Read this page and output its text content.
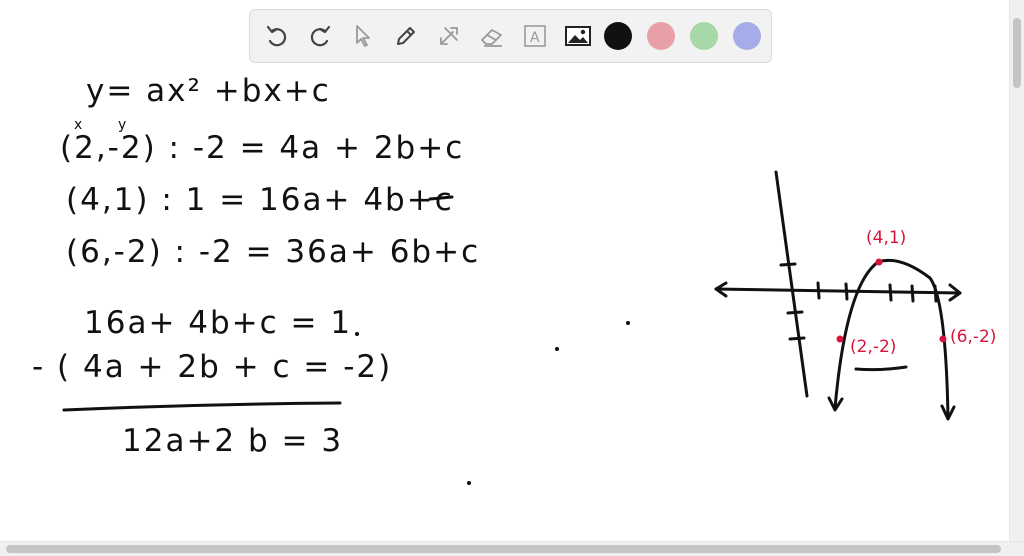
y= ax² +bx+c
x y
(2,-2) : -2 = 4a + 2b+c
(4,1) : 1 = 16a+ 4b+c
(6,-2) : -2 = 36a+ 6b+c
16a+ 4b+c = 1
- ( 4a + 2b + c = -2)
12a+2 b = 3
(4,1)
(2,-2)	(6,-2)
A
